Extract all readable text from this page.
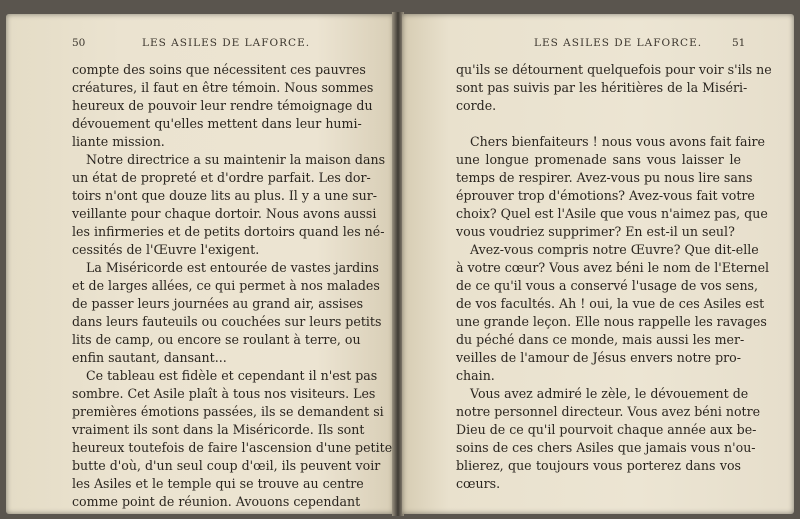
50	LES ASILES DE LAFORCE.
compte des soins que nécessitent ces pauvres
créatures, il faut en être témoin. Nous sommes
heureux de pouvoir leur rendre témoignage du
dévouement qu'elles mettent dans leur humi-
liante mission.
Notre directrice a su maintenir la maison dans
un état de propreté et d'ordre parfait. Les dor-
toirs n'ont que douze lits au plus. Il y a une sur-
veillante pour chaque dortoir. Nous avons aussi
les infirmeries et de petits dortoirs quand les né-
cessités de l'Œuvre l'exigent.
La Miséricorde est entourée de vastes jardins
et de larges allées, ce qui permet à nos malades
de passer leurs journées au grand air, assises
dans leurs fauteuils ou couchées sur leurs petits
lits de camp, ou encore se roulant à terre, ou
enfin sautant, dansant...
Ce tableau est fidèle et cependant il n'est pas
sombre. Cet Asile plaît à tous nos visiteurs. Les
premières émotions passées, ils se demandent si
vraiment ils sont dans la Miséricorde. Ils sont
heureux toutefois de faire l'ascension d'une petite
butte d'où, d'un seul coup d'œil, ils peuvent voir
les Asiles et le temple qui se trouve au centre
comme point de réunion. Avouons cependant
LES ASILES DE LAFORCE.	51
qu'ils se détournent quelquefois pour voir s'ils ne
sont pas suivis par les héritières de la Miséri-
corde.
Chers bienfaiteurs ! nous vous avons fait faire
une longue promenade sans vous laisser le
temps de respirer. Avez-vous pu nous lire sans
éprouver trop d'émotions? Avez-vous fait votre
choix? Quel est l'Asile que vous n'aimez pas, que
vous voudriez supprimer? En est-il un seul?
Avez-vous compris notre Œuvre? Que dit-elle
à votre cœur? Vous avez béni le nom de l'Eternel
de ce qu'il vous a conservé l'usage de vos sens,
de vos facultés. Ah ! oui, la vue de ces Asiles est
une grande leçon. Elle nous rappelle les ravages
du péché dans ce monde, mais aussi les mer-
veilles de l'amour de Jésus envers notre pro-
chain.
Vous avez admiré le zèle, le dévouement de
notre personnel directeur. Vous avez béni notre
Dieu de ce qu'il pourvoit chaque année aux be-
soins de ces chers Asiles que jamais vous n'ou-
blierez, que toujours vous porterez dans vos
cœurs.
